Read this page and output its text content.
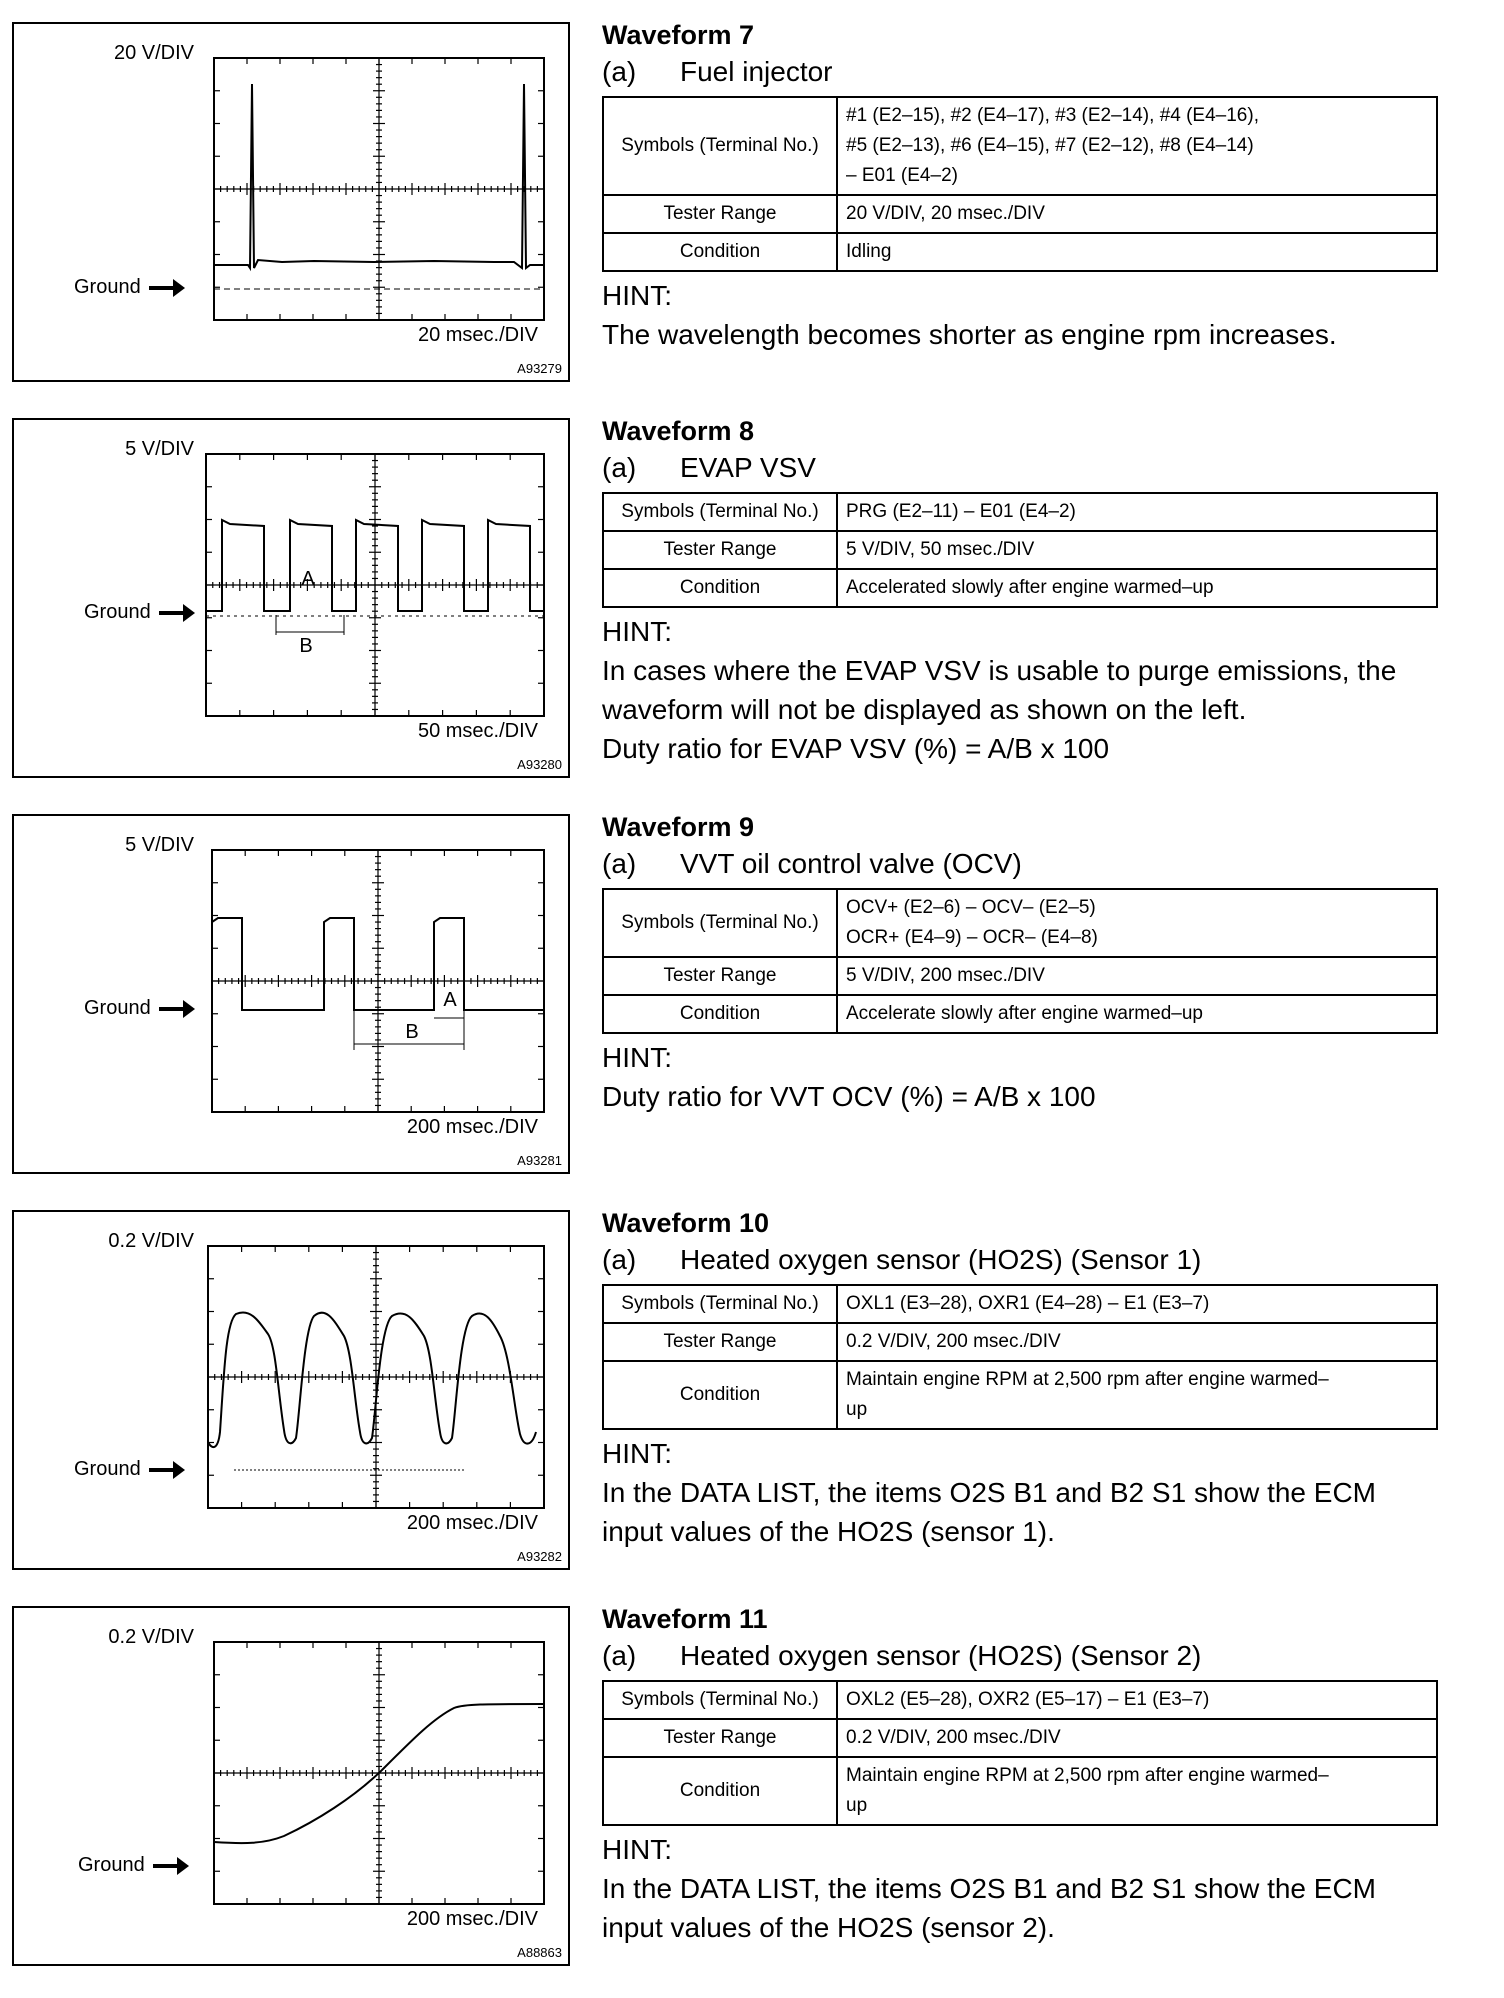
20 V/DIV
Ground
20 msec./DIV
A93279
Waveform 7
(a) Fuel injector
Symbols (Terminal No.)	#1 (E2–15), #2 (E4–17), #3 (E2–14), #4 (E4–16),
#5 (E2–13), #6 (E4–15), #7 (E2–12), #8 (E4–14)
– E01 (E4–2)

Tester Range	20 V/DIV, 20 msec./DIV
Condition	Idling

HINT:

The wavelength becomes shorter as engine rpm increases.

5 V/DIV
A
B
Ground
50 msec./DIV
A93280
Waveform 8
(a) EVAP VSV
Symbols (Terminal No.)	PRG (E2–11) – E01 (E4–2)
Tester Range	5 V/DIV, 50 msec./DIV
Condition	Accelerated slowly after engine warmed–up

HINT:

In cases where the EVAP VSV is usable to purge emissions, the

waveform will not be displayed as shown on the left.

Duty ratio for EVAP VSV (%) = A/B x 100

5 V/DIV
A
B
Ground
200 msec./DIV
A93281
Waveform 9
(a) VVT oil control valve (OCV)
Symbols (Terminal No.)	OCV+ (E2–6) – OCV– (E2–5)
OCR+ (E4–9) – OCR– (E4–8)

Tester Range	5 V/DIV, 200 msec./DIV
Condition	Accelerate slowly after engine warmed–up

HINT:

Duty ratio for VVT OCV (%) = A/B x 100

0.2 V/DIV
Ground
200 msec./DIV
A93282
Waveform 10
(a) Heated oxygen sensor (HO2S) (Sensor 1)
Symbols (Terminal No.)	OXL1 (E3–28), OXR1 (E4–28) – E1 (E3–7)
Tester Range	0.2 V/DIV, 200 msec./DIV
Condition	Maintain engine RPM at 2,500 rpm after engine warmed–
up

HINT:

In the DATA LIST, the items O2S B1 and B2 S1 show the ECM

input values of the HO2S (sensor 1).

0.2 V/DIV
Ground
200 msec./DIV
A88863
Waveform 11
(a) Heated oxygen sensor (HO2S) (Sensor 2)
Symbols (Terminal No.)	OXL2 (E5–28), OXR2 (E5–17) – E1 (E3–7)
Tester Range	0.2 V/DIV, 200 msec./DIV
Condition	Maintain engine RPM at 2,500 rpm after engine warmed–
up

HINT:

In the DATA LIST, the items O2S B1 and B2 S1 show the ECM

input values of the HO2S (sensor 2).
